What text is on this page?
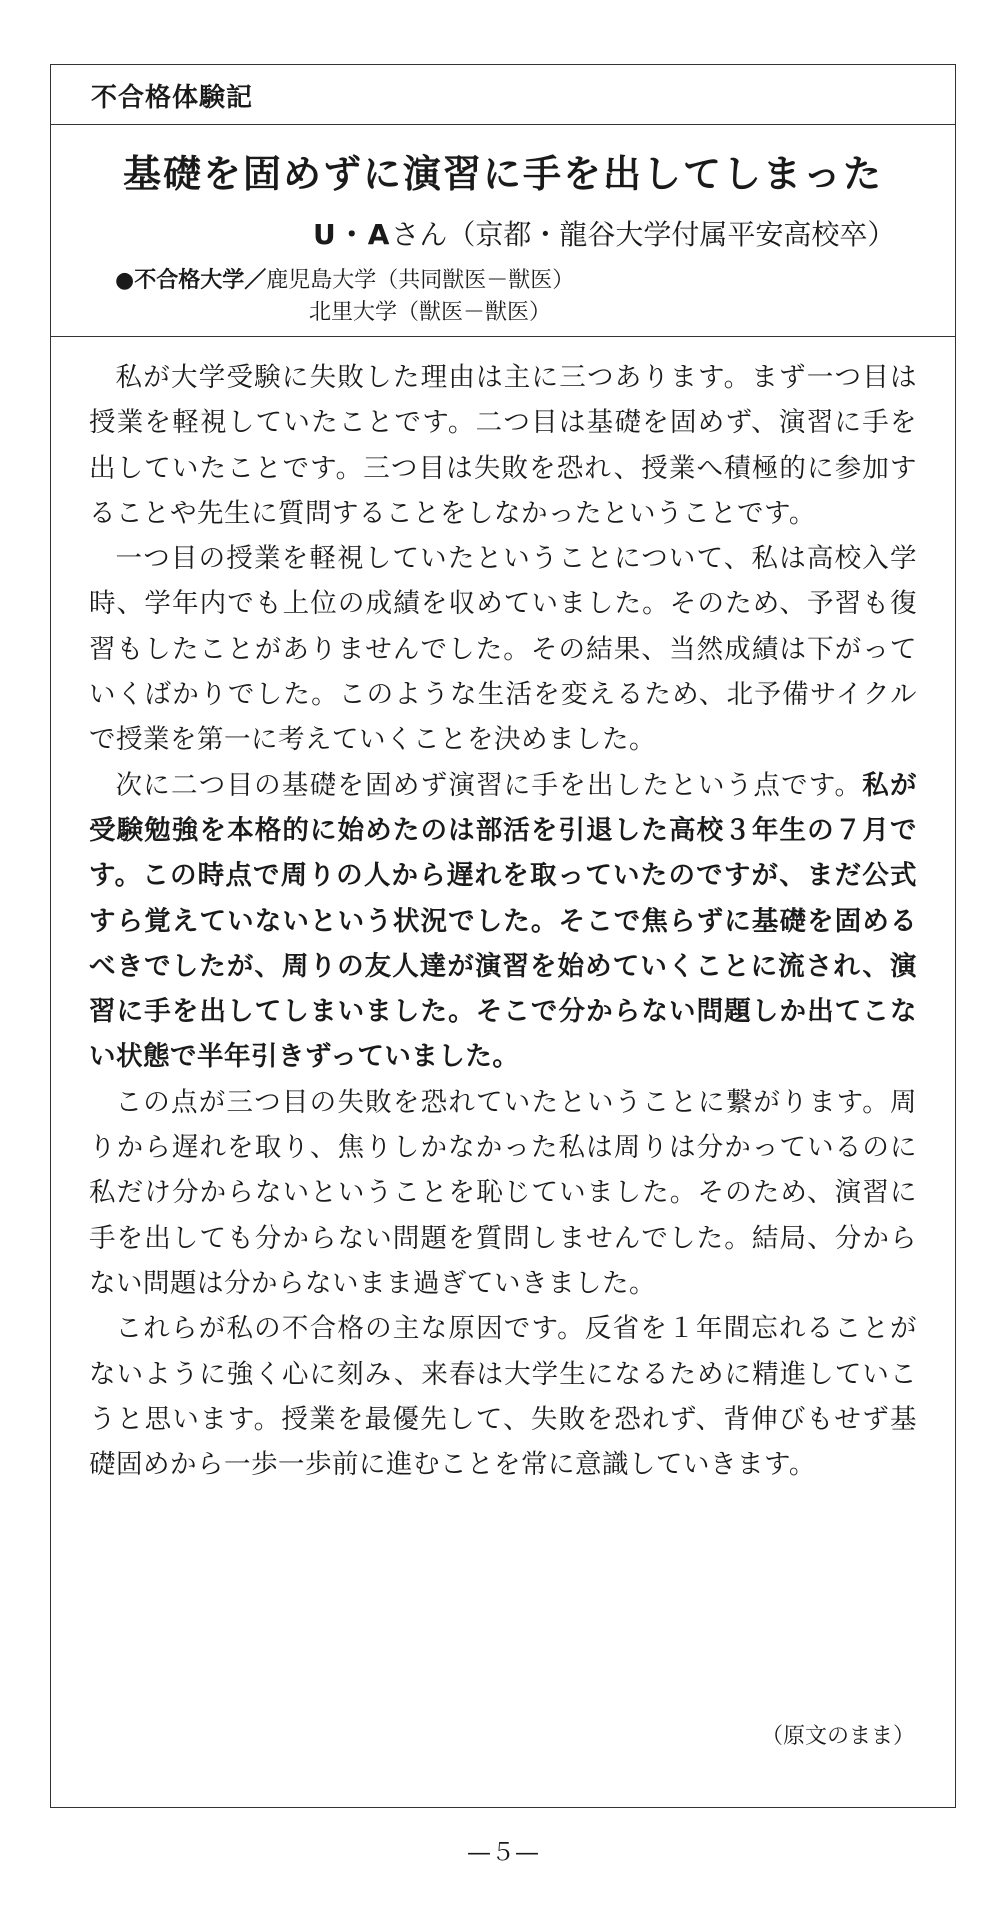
不合格体験記
基礎を固めずに演習に手を出してしまった
U・Aさん（京都・龍谷大学付属平安高校卒）
●不合格大学／鹿児島大学（共同獣医－獣医）
北里大学（獣医－獣医）

私が大学受験に失敗した理由は主に三つあります。まず一つ目は授業を軽視していたことです。二つ目は基礎を固めず、演習に手を出していたことです。三つ目は失敗を恐れ、授業へ積極的に参加することや先生に質問することをしなかったということです。

一つ目の授業を軽視していたということについて、私は高校入学時、学年内でも上位の成績を収めていました。そのため、予習も復習もしたことがありませんでした。その結果、当然成績は下がっていくばかりでした。このような生活を変えるため、北予備サイクルで授業を第一に考えていくことを決めました。

次に二つ目の基礎を固めず演習に手を出したという点です。私が受験勉強を本格的に始めたのは部活を引退した高校３年生の７月です。この時点で周りの人から遅れを取っていたのですが、まだ公式すら覚えていないという状況でした。そこで焦らずに基礎を固めるべきでしたが、周りの友人達が演習を始めていくことに流され、演習に手を出してしまいました。そこで分からない問題しか出てこない状態で半年引きずっていました。

この点が三つ目の失敗を恐れていたということに繋がります。周りから遅れを取り、焦りしかなかった私は周りは分かっているのに私だけ分からないということを恥じていました。そのため、演習に手を出しても分からない問題を質問しませんでした。結局、分からない問題は分からないまま過ぎていきました。

これらが私の不合格の主な原因です。反省を１年間忘れることがないように強く心に刻み、来春は大学生になるために精進していこうと思います。授業を最優先して、失敗を恐れず、背伸びもせず基礎固めから一歩一歩前に進むことを常に意識していきます。

（原文のまま）
—５—
